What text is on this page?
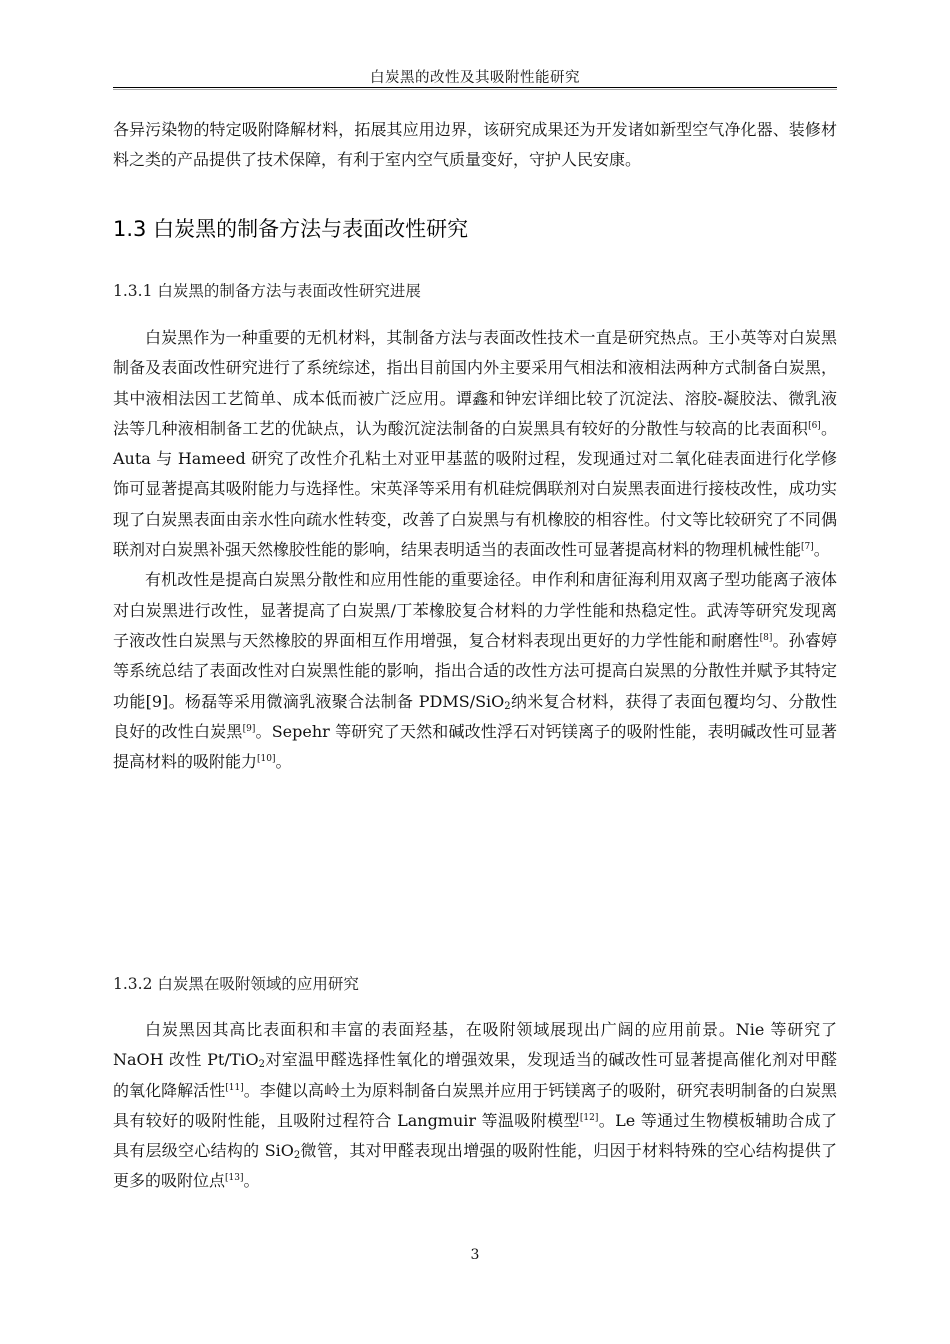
白炭黑的改性及其吸附性能研究

各异污染物的特定吸附降解材料，拓展其应用边界，该研究成果还为开发诸如新型空气净化器、装修材料之类的产品提供了技术保障，有利于室内空气质量变好，守护人民安康。

1.3 白炭黑的制备方法与表面改性研究
1.3.1 白炭黑的制备方法与表面改性研究进展

白炭黑作为一种重要的无机材料，其制备方法与表面改性技术一直是研究热点。王小英等对白炭黑制备及表面改性研究进行了系统综述，指出目前国内外主要采用气相法和液相法两种方式制备白炭黑，其中液相法因工艺简单、成本低而被广泛应用。谭鑫和钟宏详细比较了沉淀法、溶胶-凝胶法、微乳液法等几种液相制备工艺的优缺点，认为酸沉淀法制备的白炭黑具有较好的分散性与较高的比表面积[6]。Auta 与 Hameed 研究了改性介孔粘土对亚甲基蓝的吸附过程，发现通过对二氧化硅表面进行化学修饰可显著提高其吸附能力与选择性。宋英泽等采用有机硅烷偶联剂对白炭黑表面进行接枝改性，成功实现了白炭黑表面由亲水性向疏水性转变，改善了白炭黑与有机橡胶的相容性。付文等比较研究了不同偶联剂对白炭黑补强天然橡胶性能的影响，结果表明适当的表面改性可显著提高材料的物理机械性能[7]。

有机改性是提高白炭黑分散性和应用性能的重要途径。申作利和唐征海利用双离子型功能离子液体对白炭黑进行改性，显著提高了白炭黑/丁苯橡胶复合材料的力学性能和热稳定性。武涛等研究发现离子液改性白炭黑与天然橡胶的界面相互作用增强，复合材料表现出更好的力学性能和耐磨性[8]。孙睿婷等系统总结了表面改性对白炭黑性能的影响，指出合适的改性方法可提高白炭黑的分散性并赋予其特定功能[9]。杨磊等采用微滴乳液聚合法制备 PDMS/SiO$_2$纳米复合材料，获得了表面包覆均匀、分散性良好的改性白炭黑[9]。Sepehr 等研究了天然和碱改性浮石对钙镁离子的吸附性能，表明碱改性可显著提高材料的吸附能力[10]。

1.3.2 白炭黑在吸附领域的应用研究

白炭黑因其高比表面积和丰富的表面羟基，在吸附领域展现出广阔的应用前景。Nie 等研究了 NaOH 改性 Pt/TiO$_2$对室温甲醛选择性氧化的增强效果，发现适当的碱改性可显著提高催化剂对甲醛的氧化降解活性[11]。李健以高岭土为原料制备白炭黑并应用于钙镁离子的吸附，研究表明制备的白炭黑具有较好的吸附性能，且吸附过程符合 Langmuir 等温吸附模型[12]。Le 等通过生物模板辅助合成了具有层级空心结构的 SiO$_2$微管，其对甲醛表现出增强的吸附性能，归因于材料特殊的空心结构提供了更多的吸附位点[13]。

3
